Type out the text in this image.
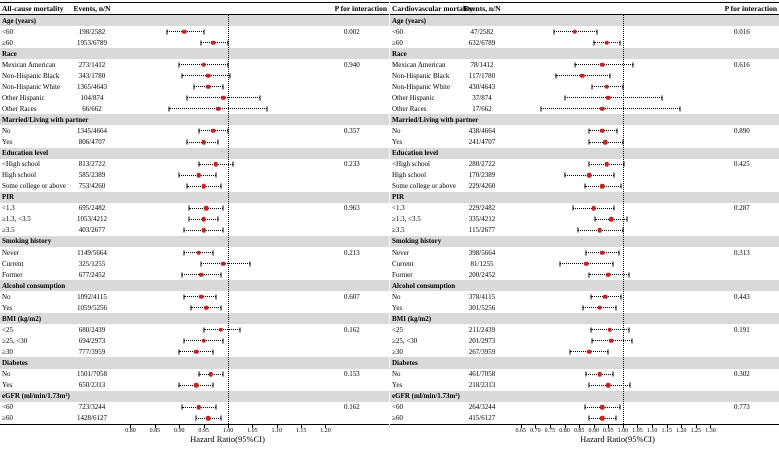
All-cause mortality	Events, n/N	P for interaction
Age (years)
<60	198/2582	0.002
≥60	1953/6789
Race
Mexican American	273/1412	0.940
Non-Hispanic Black	343/1780
Non-Hispanic White	1365/4643
Other Hispanic	104/874
Other Races	66/662
Married/Living with partner
No	1345/4664	0.357
Yes	806/4707
Education level
<High school	813/2722	0.233
High school	585/2389
Some college or above	753/4260
PIR
<1.3	695/2482	0.963
≥1.3, <3.5	1053/4212
≥3.5	403/2677
Smoking history
Never	1149/5664	0.213
Current	325/1255
Former	677/2452
Alcohol consumption
No	1092/4115	0.607
Yes	1059/5256
BMI (kg/m2)
<25	680/2439	0.162
≥25, <30	694/2973
≥30	777/3959
Diabetes
No	1501/7058	0.153
Yes	650/2313
eGFR (ml/min/1.73m²)
<60	723/3244	0.162
≥60	1428/6127
0.80 0.85 0.90 0.95 1.00 1.05 1.10 1.15 1.20
Hazard Ratio(95%CI)
Cardiovascular mortality
Events, n/N	P for interaction
Age (years)
<60	47/2582	0.016
≥60	632/6789
Race
Mexican American	78/1412	0.616
Non-Hispanic Black	117/1780
Non-Hispanic White	430/4643
Other Hispanic	37/874
Other Races	17/662
Married/Living with partner
No	438/4664	0.890
Yes	241/4707
Education level
<High school	280/2722	0.425
High school	170/2389
Some college or above	229/4260
PIR
<1.3	229/2482	0.287
≥1.3, <3.5	335/4212
≥3.5	115/2677
Smoking history
Never	398/5664	0.313
Current	81/1255
Former	200/2452
Alcohol consumption
No	378/4115	0.443
Yes	301/5256
BMI (kg/m2)
<25	211/2439	0.191
≥25, <30	201/2973
≥30	267/3959
Diabetes
No	461/7058	0.302
Yes	218/2313
eGFR (ml/min/1.73m²)
<60	264/3244	0.773
≥60	415/6127
0.65 0.70 0.75 0.80 0.85 0.90 0.95 1.00 1.05 1.10 1.15 1.20 1.25 1.30
Hazard Ratio(95%CI)
